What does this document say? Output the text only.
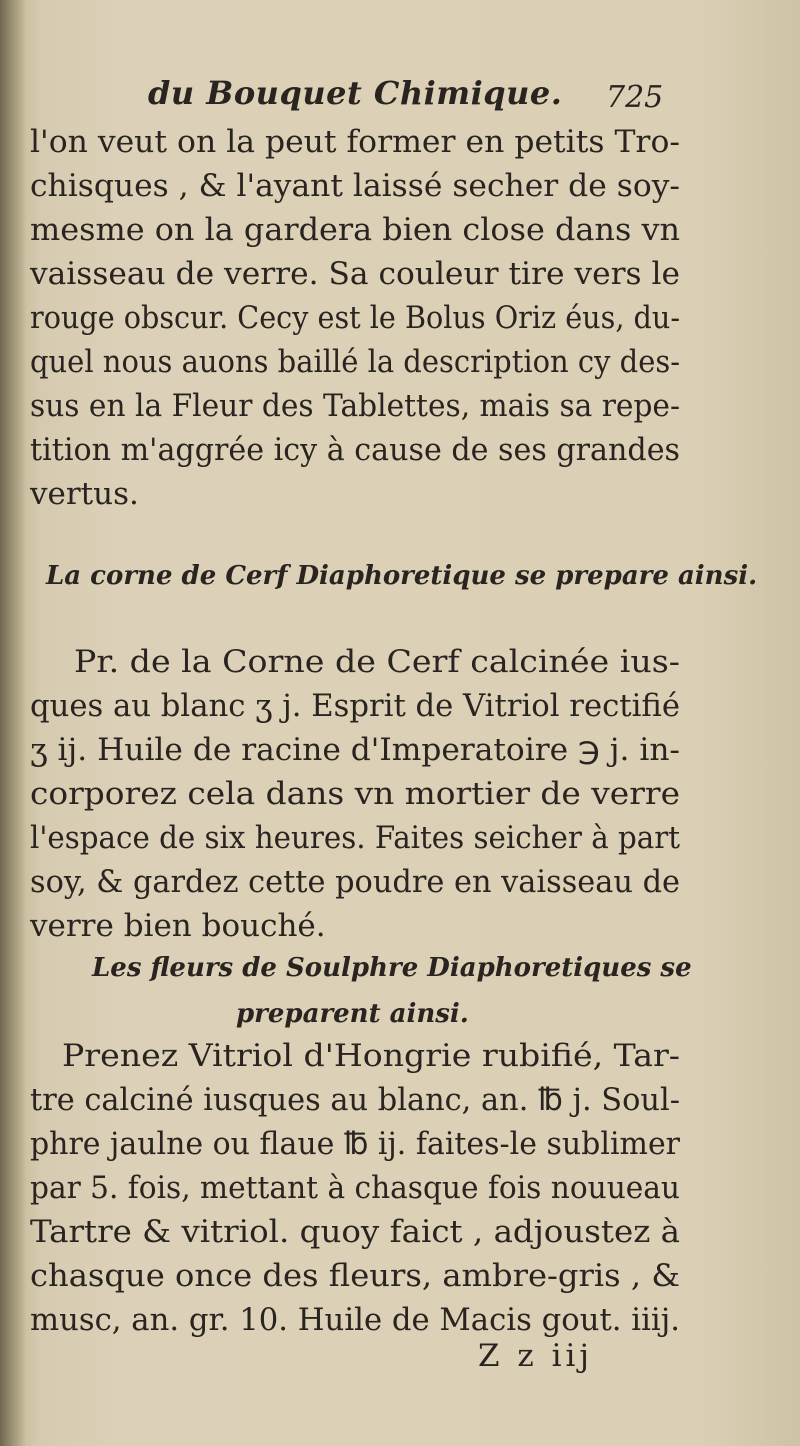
du Bouquet Chimique. 725
l'on veut on la peut former en petits Tro-
chisques , & l'ayant laissé secher de soy-
mesme on la gardera bien close dans vn
vaisseau de verre. Sa couleur tire vers le
rouge obscur. Cecy est le Bolus Oriz éus, du-
quel nous auons baillé la description cy des-
sus en la Fleur des Tablettes, mais sa repe-
tition m'aggrée icy à cause de ses grandes
vertus.
La corne de Cerf Diaphoretique se prepare ainsi.
Pr. de la Corne de Cerf calcinée ius-
ques au blanc ʒ j. Esprit de Vitriol rectifié
ʒ ij. Huile de racine d'Imperatoire ℈ j. in-
corporez cela dans vn mortier de verre
l'espace de six heures. Faites seicher à part
soy, & gardez cette poudre en vaisseau de
verre bien bouché.
Les fleurs de Soulphre Diaphoretiques se
preparent ainsi.
Prenez Vitriol d'Hongrie rubifié, Tar-
tre calciné iusques au blanc, an. ℔ j. Soul-
phre jaulne ou flaue ℔ ij. faites-le sublimer
par 5. fois, mettant à chasque fois nouueau
Tartre & vitriol. quoy faict , adjoustez à
chasque once des fleurs, ambre-gris , &
musc, an. gr. 10. Huile de Macis gout. iiij.
Z z iij
